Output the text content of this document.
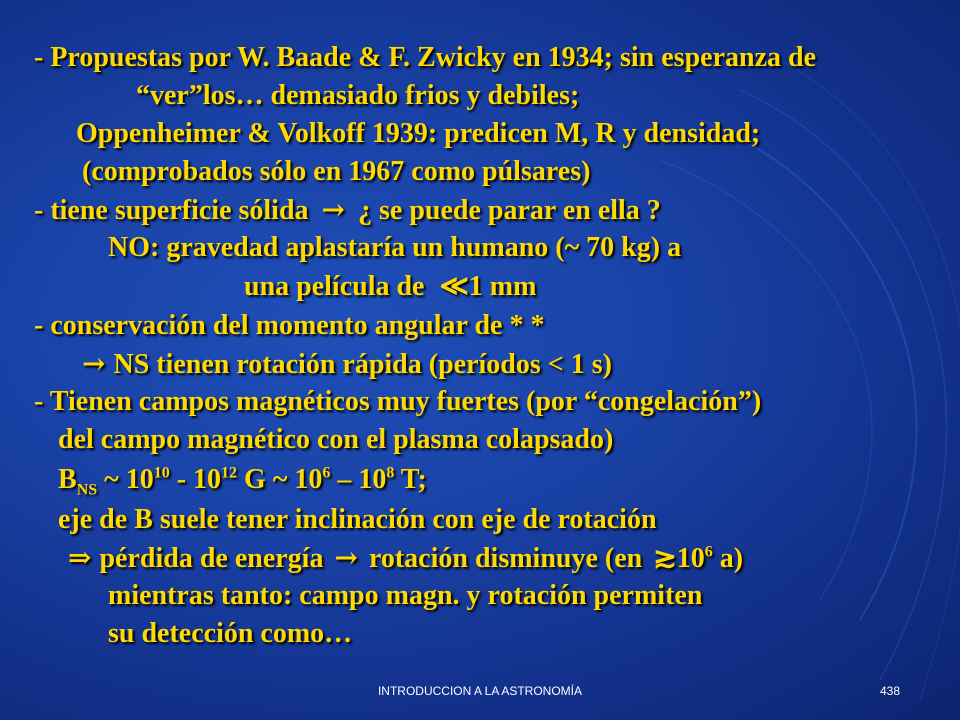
- Propuestas por W. Baade & F. Zwicky en 1934; sin esperanza de
“ver”los… demasiado frios y debiles;
Oppenheimer & Volkoff 1939: predicen M, R y densidad;
(comprobados sólo en 1967 como púlsares)
- tiene superficie sólida → ¿ se puede parar en ella ?
NO: gravedad aplastaría un humano (~ 70 kg) a
una película de ≪1 mm
- conservación del momento angular de * *
→ NS tienen rotación rápida (períodos < 1 s)
- Tienen campos magnéticos muy fuertes (por “congelación”)
del campo magnético con el plasma colapsado)
$B_{NS}$ ~ $10^{10} - 10^{12}$ G ~ $10^6 - 10^8$ T;
eje de B suele tener inclinación con eje de rotación
⇒ pérdida de energía → rotación disminuye (en $≳10^6$ a)
mientras tanto: campo magn. y rotación permiten
su detección como…
INTRODUCCION A LA ASTRONOMÍA	438
